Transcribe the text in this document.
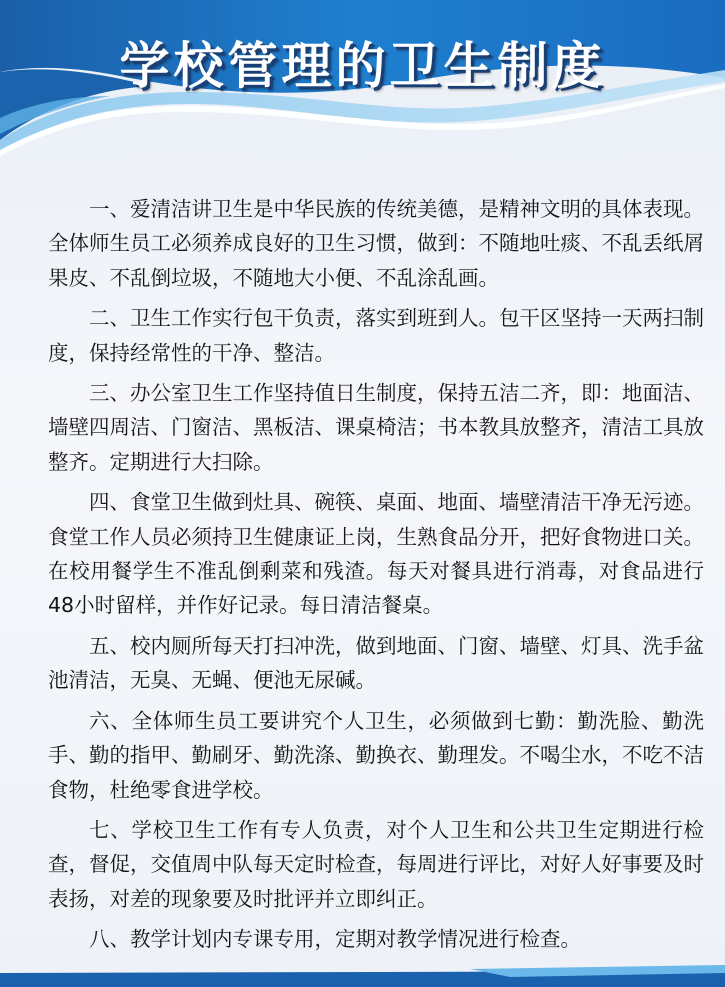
学校管理的卫生制度

一、爱清洁讲卫生是中华民族的传统美德，是精神文明的具体表现。全体师生员工必须养成良好的卫生习惯，做到：不随地吐痰、不乱丢纸屑果皮、不乱倒垃圾，不随地大小便、不乱涂乱画。

二、卫生工作实行包干负责，落实到班到人。包干区坚持一天两扫制度，保持经常性的干净、整洁。

三、办公室卫生工作坚持值日生制度，保持五洁二齐，即：地面洁、墙壁四周洁、门窗洁、黑板洁、课桌椅洁；书本教具放整齐，清洁工具放整齐。定期进行大扫除。

四、食堂卫生做到灶具、碗筷、桌面、地面、墙壁清洁干净无污迹。食堂工作人员必须持卫生健康证上岗，生熟食品分开，把好食物进口关。在校用餐学生不准乱倒剩菜和残渣。每天对餐具进行消毒，对食品进行48小时留样，并作好记录。每日清洁餐桌。

五、校内厕所每天打扫冲洗，做到地面、门窗、墙壁、灯具、洗手盆池清洁，无臭、无蝇、便池无尿碱。

六、全体师生员工要讲究个人卫生，必须做到七勤：勤洗脸、勤洗手、勤的指甲、勤刷牙、勤洗涤、勤换衣、勤理发。不喝尘水，不吃不洁食物，杜绝零食进学校。

七、学校卫生工作有专人负责，对个人卫生和公共卫生定期进行检查，督促，交值周中队每天定时检查，每周进行评比，对好人好事要及时表扬，对差的现象要及时批评并立即纠正。

八、教学计划内专课专用，定期对教学情况进行检查。
